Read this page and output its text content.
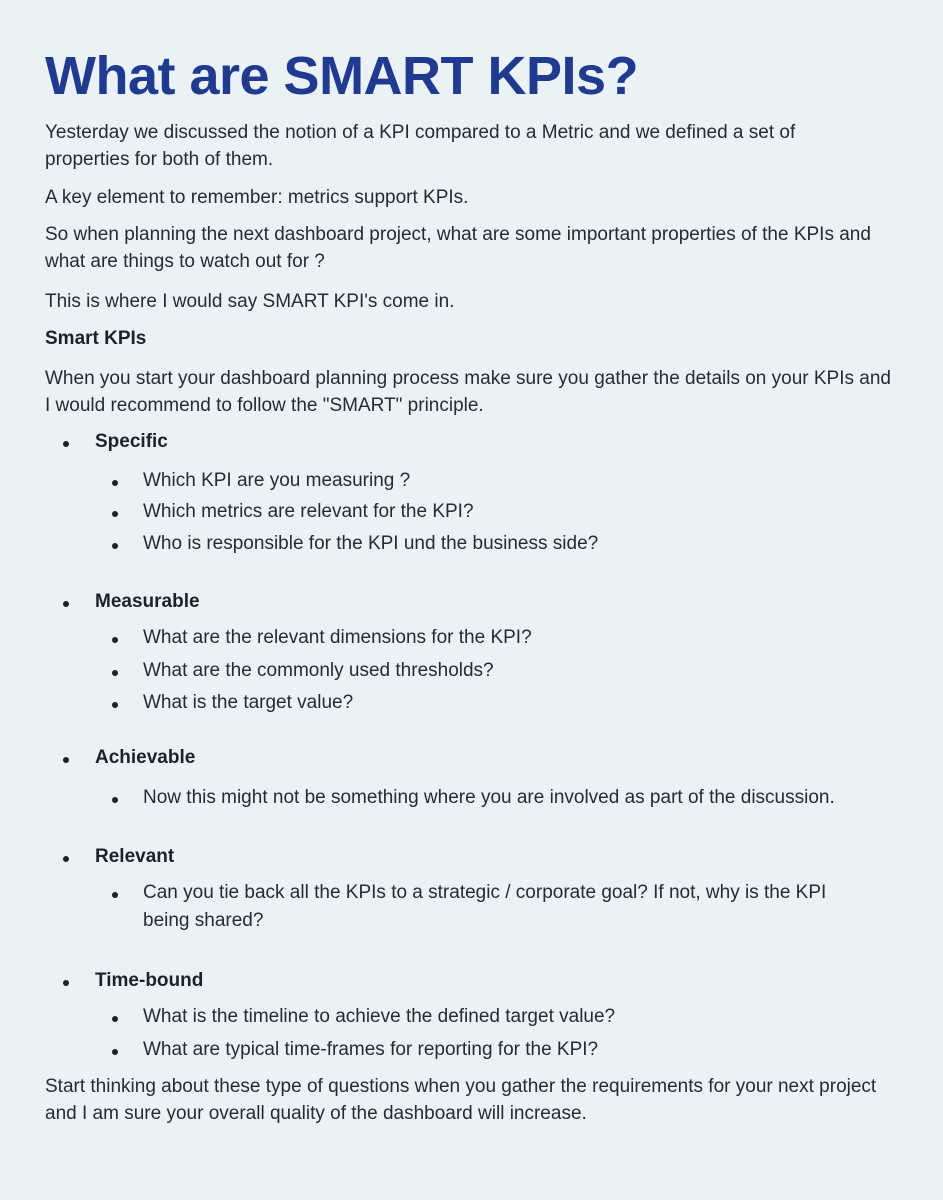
What are SMART KPIs?

Yesterday we discussed the notion of a KPI compared to a Metric and we defined a set of properties for both of them.

A key element to remember: metrics support KPIs.

So when planning the next dashboard project, what are some important properties of the KPIs and what are things to watch out for ?

This is where I would say SMART KPI's come in.

Smart KPIs

When you start your dashboard planning process make sure you gather the details on your KPIs and I would recommend to follow the "SMART" principle.

Specific
Which KPI are you measuring ?
Which metrics are relevant for the KPI?
Who is responsible for the KPI und the business side?
Measurable
What are the relevant dimensions for the KPI?
What are the commonly used thresholds?
What is the target value?
Achievable
Now this might not be something where you are involved as part of the discussion.
Relevant
Can you tie back all the KPIs to a strategic / corporate goal? If not, why is the KPI being shared?
Time-bound
What is the timeline to achieve the defined target value?
What are typical time-frames for reporting for the KPI?

Start thinking about these type of questions when you gather the requirements for your next project and I am sure your overall quality of the dashboard will increase.
